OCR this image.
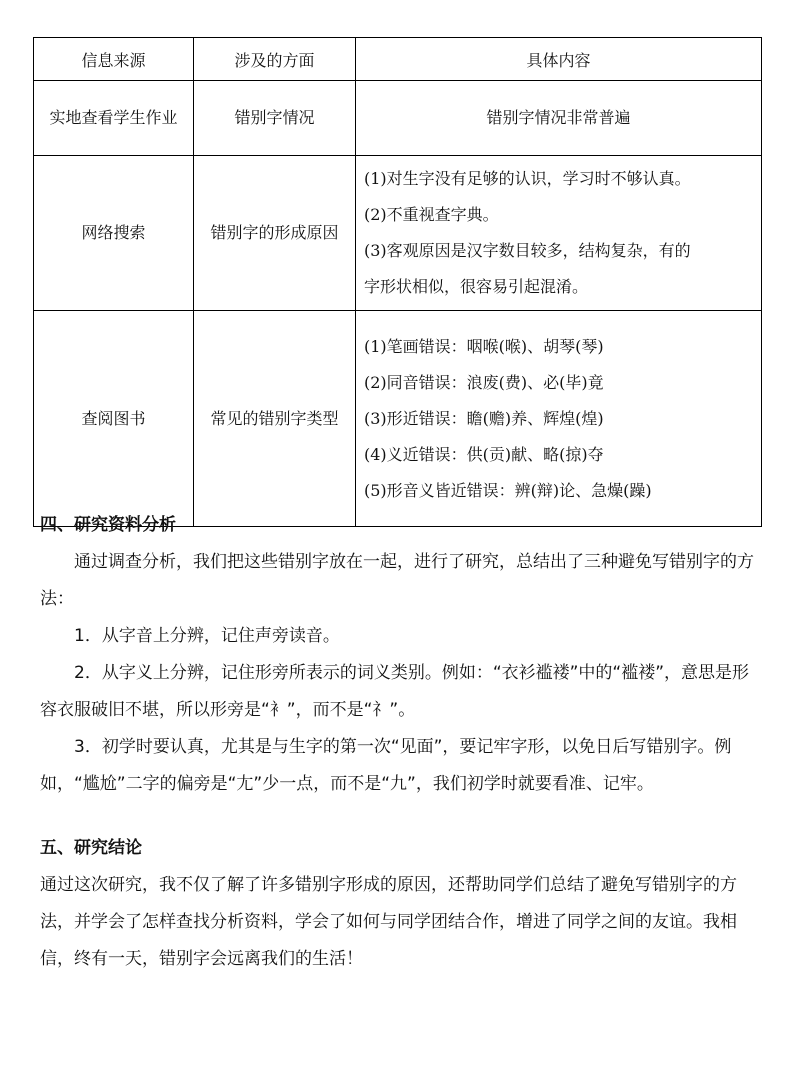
信息来源	涉及的方面	具体内容
实地查看学生作业	错别字情况	错别字情况非常普遍
网络搜索	错别字的形成原因	(1)对生字没有足够的认识，学习时不够认真。
(2)不重视查字典。
(3)客观原因是汉字数目较多，结构复杂，有的
字形状相似，很容易引起混淆。

查阅图书	常见的错别字类型	(1)笔画错误：咽喉(喉)、胡琴(琴)
(2)同音错误：浪废(费)、必(毕)竟
(3)形近错误：瞻(赡)养、辉煌(煌)
(4)义近错误：供(贡)献、略(掠)夺
(5)形音义皆近错误：辨(辩)论、急燥(躁)
四、研究资料分析
通过调查分析，我们把这些错别字放在一起，进行了研究，总结出了三种避免写错别字的方法：
1．从字音上分辨，记住声旁读音。
2．从字义上分辨，记住形旁所表示的词义类别。例如：“衣衫褴褛”中的“褴褛”，意思是形容衣服破旧不堪，所以形旁是“衤”，而不是“礻”。
3．初学时要认真，尤其是与生字的第一次“见面”，要记牢字形，以免日后写错别字。例如，“尴尬”二字的偏旁是“尢”少一点，而不是“九”，我们初学时就要看准、记牢。
五、研究结论
通过这次研究，我不仅了解了许多错别字形成的原因，还帮助同学们总结了避免写错别字的方法，并学会了怎样查找分析资料，学会了如何与同学团结合作，增进了同学之间的友谊。我相信，终有一天，错别字会远离我们的生活！
